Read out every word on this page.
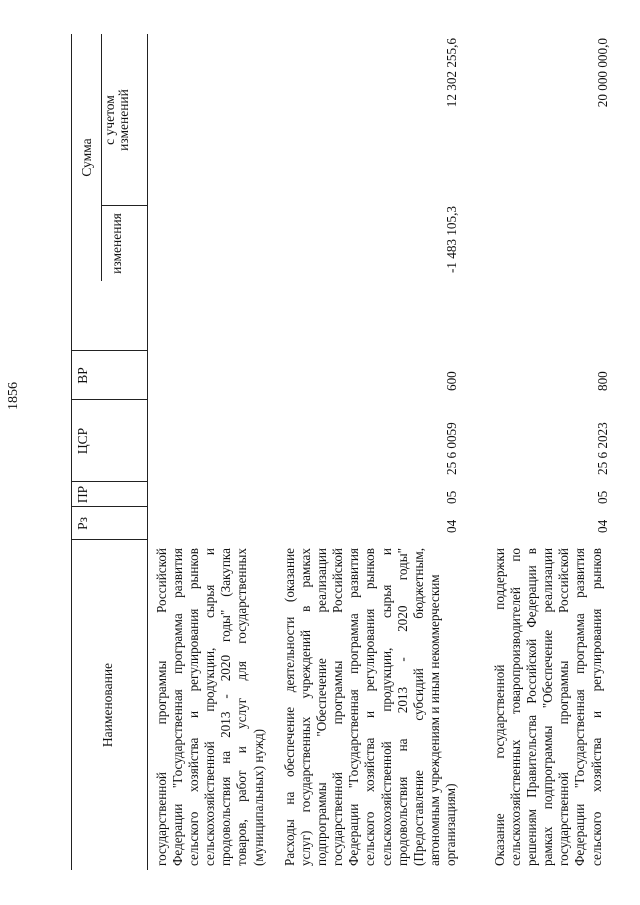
1856
Наименование
Рз
ПР
ЦСР
ВР
Сумма
изменения
с учетом
изменений
государственной программы Российской Федерации "Государственная программа развития сельского хозяйства и регулирования рынков сельскохозяйственной продукции, сырья и продовольствия на 2013 - 2020 годы" (Закупка товаров, работ и услуг для государственных (муниципальных) нужд) Расходы на обеспечение деятельности (оказание услуг) государственных учреждений в рамках подпрограммы "Обеспечение реализации государственной программы Российской Федерации "Государственная программа развития сельского хозяйства и регулирования рынков сельскохозяйственной продукции, сырья и продовольствия на 2013 - 2020 годы" (Предоставление субсидий бюджетным, автономным учреждениям и иным некоммерческим организациям)
04
05
25 6 0059
600
-1 483 105,3
12 302 255,6
Оказание государственной поддержки сельскохозяйственных товаропроизводителей по решениям Правительства Российской Федерации в рамках подпрограммы "Обеспечение реализации государственной программы Российской Федерации "Государственная программа развития сельского хозяйства и регулирования рынков
04
05
25 6 2023
800
20 000 000,0
